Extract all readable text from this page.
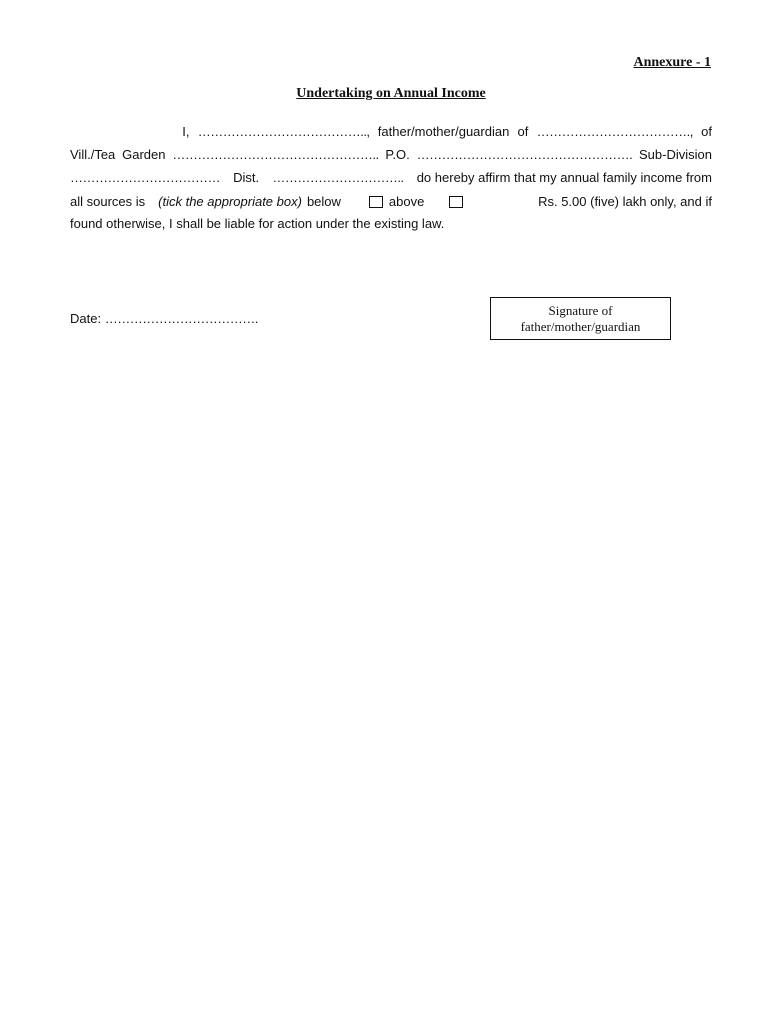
Annexure - 1
Undertaking on Annual Income
I, ………………………………….., father/mother/guardian of ………………………………., of
Vill./Tea Garden ………………………………………….. P.O. ……………………………………………. Sub-Division
……………………………… Dist. ………………………….. do hereby affirm that my annual family income from
all sources is (tick the appropriate box) below	above	Rs. 5.00 (five) lakh only, and if
found otherwise, I shall be liable for action under the existing law.
Date: ……………………………….
Signature of
father/mother/guardian
